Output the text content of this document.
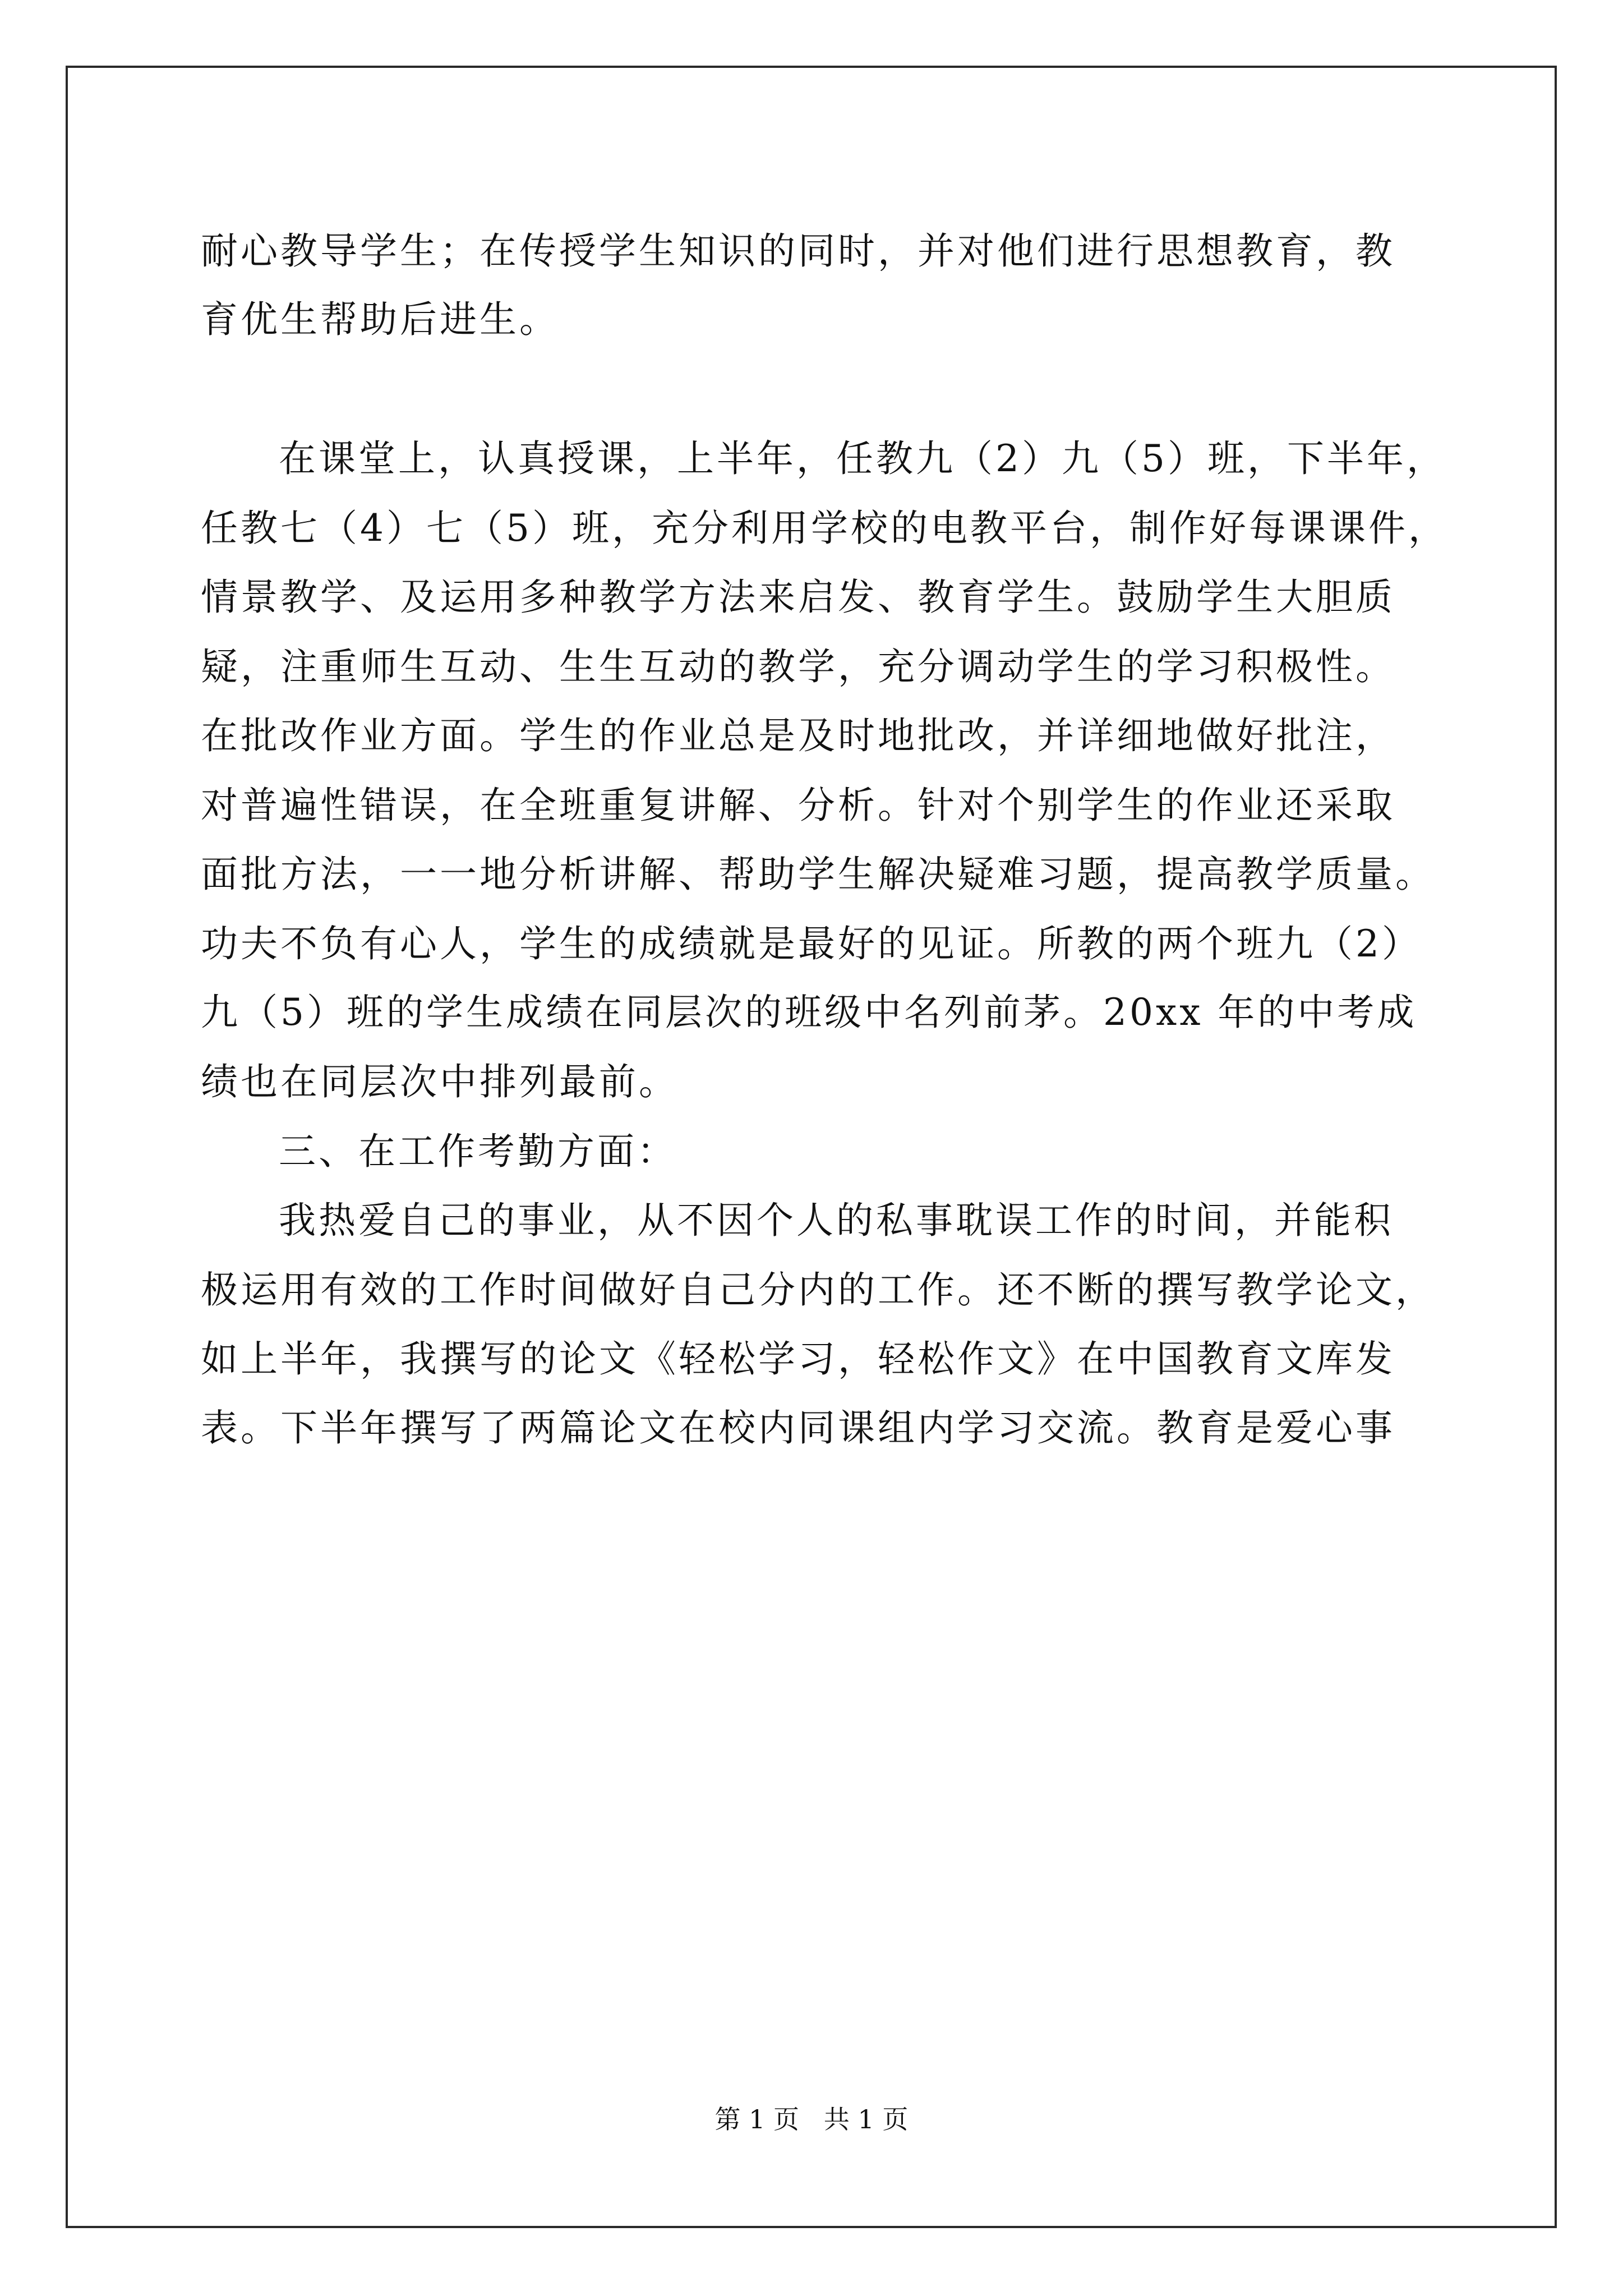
耐心教导学生；在传授学生知识的同时，并对他们进行思想教育，教
育优生帮助后进生。
在课堂上，认真授课，上半年，任教九（2）九（5）班，下半年，
任教七（4）七（5）班，充分利用学校的电教平台，制作好每课课件，
情景教学、及运用多种教学方法来启发、教育学生。鼓励学生大胆质
疑，注重师生互动、生生互动的教学，充分调动学生的学习积极性。
在批改作业方面。学生的作业总是及时地批改，并详细地做好批注，
对普遍性错误，在全班重复讲解、分析。针对个别学生的作业还采取
面批方法，一一地分析讲解、帮助学生解决疑难习题，提高教学质量。
功夫不负有心人，学生的成绩就是最好的见证。所教的两个班九（2）
九（5）班的学生成绩在同层次的班级中名列前茅。20xx 年的中考成
绩也在同层次中排列最前。
三、在工作考勤方面：
我热爱自己的事业，从不因个人的私事耽误工作的时间，并能积
极运用有效的工作时间做好自己分内的工作。还不断的撰写教学论文，
如上半年，我撰写的论文《轻松学习，轻松作文》在中国教育文库发
表。下半年撰写了两篇论文在校内同课组内学习交流。教育是爱心事
第 1 页   共 1 页
